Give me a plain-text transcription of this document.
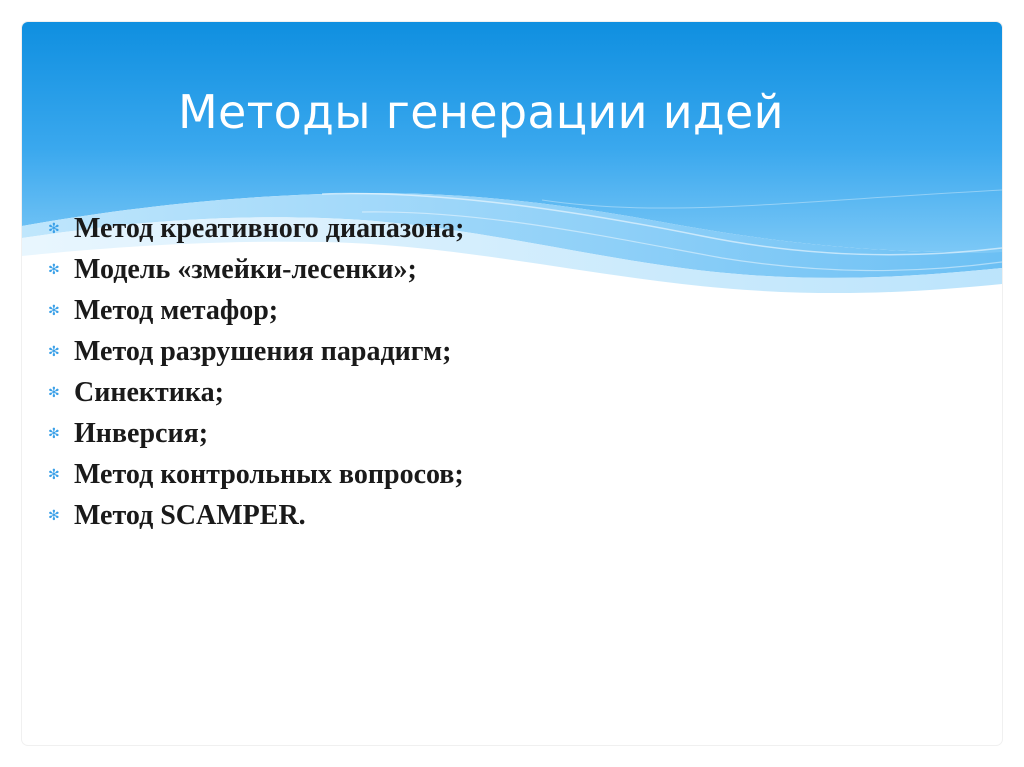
Методы генерации идей
✻ Метод креативного диапазона;
✻ Модель «змейки-лесенки»;
✻ Метод метафор;
✻ Метод разрушения парадигм;
✻ Синектика;
✻ Инверсия;
✻ Метод контрольных вопросов;
✻ Метод SCAMPER.
